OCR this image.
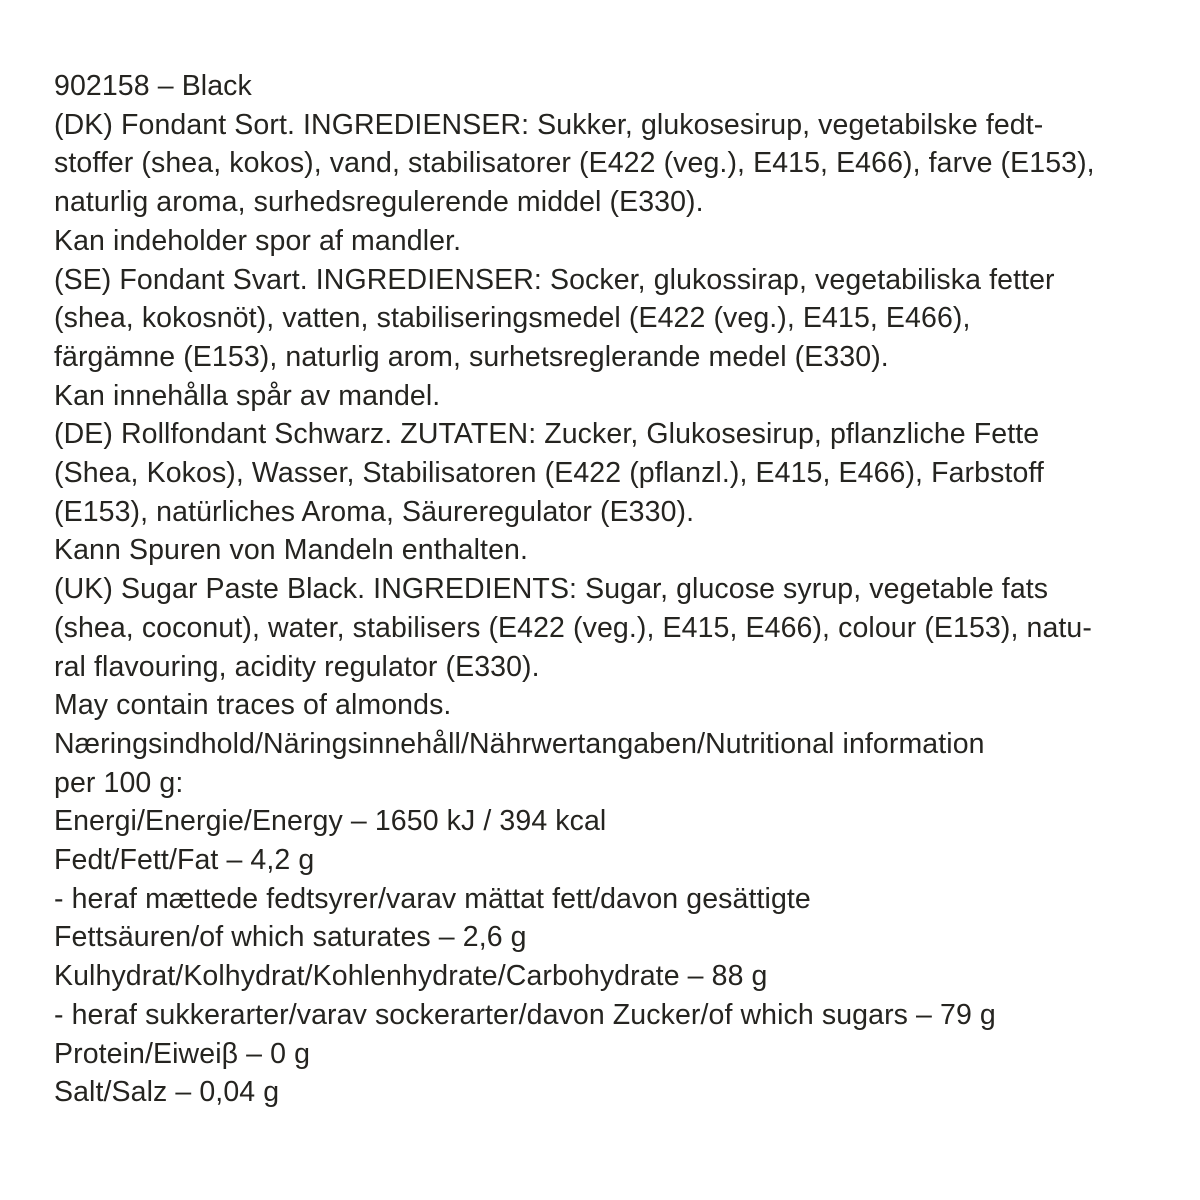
902158 – Black
(DK) Fondant Sort. INGREDIENSER: Sukker, glukosesirup, vegetabilske fedt-
stoffer (shea, kokos), vand, stabilisatorer (E422 (veg.), E415, E466), farve (E153),
naturlig aroma, surhedsregulerende middel (E330).
Kan indeholder spor af mandler.
(SE) Fondant Svart. INGREDIENSER: Socker, glukossirap, vegetabiliska fetter
(shea, kokosnöt), vatten, stabiliseringsmedel (E422 (veg.), E415, E466),
färgämne (E153), naturlig arom, surhetsreglerande medel (E330).
Kan innehålla spår av mandel.
(DE) Rollfondant Schwarz. ZUTATEN: Zucker, Glukosesirup, pflanzliche Fette
(Shea, Kokos), Wasser, Stabilisatoren (E422 (pflanzl.), E415, E466), Farbstoff
(E153), natürliches Aroma, Säureregulator (E330).
Kann Spuren von Mandeln enthalten.
(UK) Sugar Paste Black. INGREDIENTS: Sugar, glucose syrup, vegetable fats
(shea, coconut), water, stabilisers (E422 (veg.), E415, E466), colour (E153), natu-
ral flavouring, acidity regulator (E330).
May contain traces of almonds.
Næringsindhold/Näringsinnehåll/Nährwertangaben/Nutritional information
per 100 g:
Energi/Energie/Energy – 1650 kJ / 394 kcal
Fedt/Fett/Fat – 4,2 g
- heraf mættede fedtsyrer/varav mättat fett/davon gesättigte
Fettsäuren/of which saturates – 2,6 g
Kulhydrat/Kolhydrat/Kohlenhydrate/Carbohydrate – 88 g
- heraf sukkerarter/varav sockerarter/davon Zucker/of which sugars – 79 g
Protein/Eiweiβ – 0 g
Salt/Salz – 0,04 g
